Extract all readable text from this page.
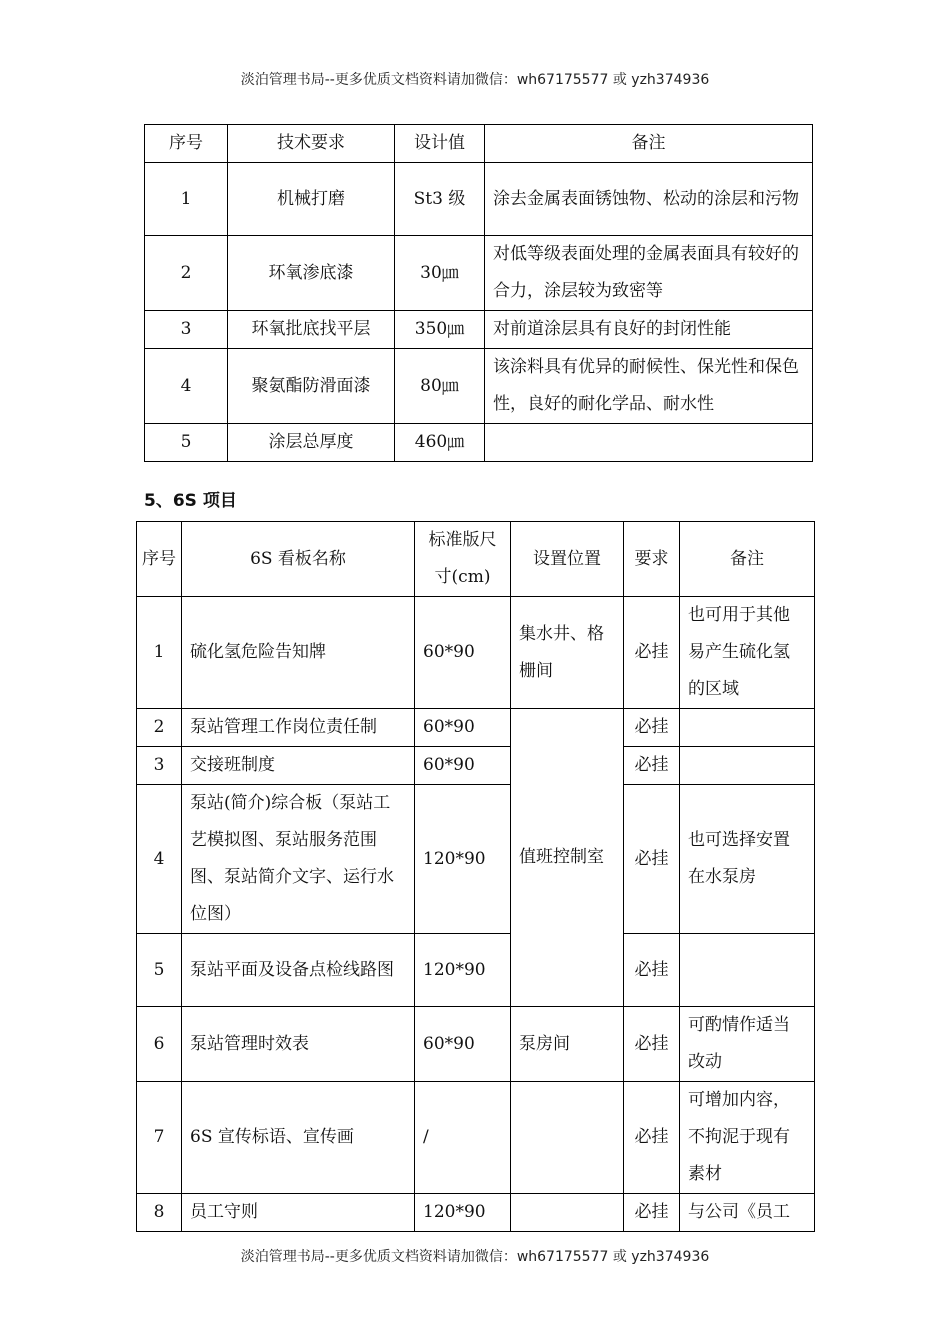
淡泊管理书局--更多优质文档资料请加微信：wh67175577 或 yzh374936
序号	技术要求	设计值	备注
1	机械打磨	St3 级	涂去金属表面锈蚀物、松动的涂层和污物
2	环氧渗底漆	30㎛	对低等级表面处理的金属表面具有较好的合力，涂层较为致密等
3	环氧批底找平层	350㎛	对前道涂层具有良好的封闭性能
4	聚氨酯防滑面漆	80㎛	该涂料具有优异的耐候性、保光性和保色性，良好的耐化学品、耐水性
5	涂层总厚度	460㎛	
5、6S 项目
序号	6S 看板名称	标准版尺寸(cm)	设置位置	要求	备注
1	硫化氢危险告知牌	60*90	集水井、格栅间	必挂	也可用于其他易产生硫化氢的区域
2	泵站管理工作岗位责任制	60*90	值班控制室	必挂	
3	交接班制度	60*90		必挂	
4	泵站(简介)综合板（泵站工艺模拟图、泵站服务范围图、泵站简介文字、运行水位图）	120*90		必挂	也可选择安置在水泵房
5	泵站平面及设备点检线路图	120*90		必挂	
6	泵站管理时效表	60*90	泵房间	必挂	可酌情作适当改动
7	6S 宣传标语、宣传画	/		必挂	可增加内容，不拘泥于现有素材
8	员工守则	120*90		必挂	与公司《员工
淡泊管理书局--更多优质文档资料请加微信：wh67175577 或 yzh374936
